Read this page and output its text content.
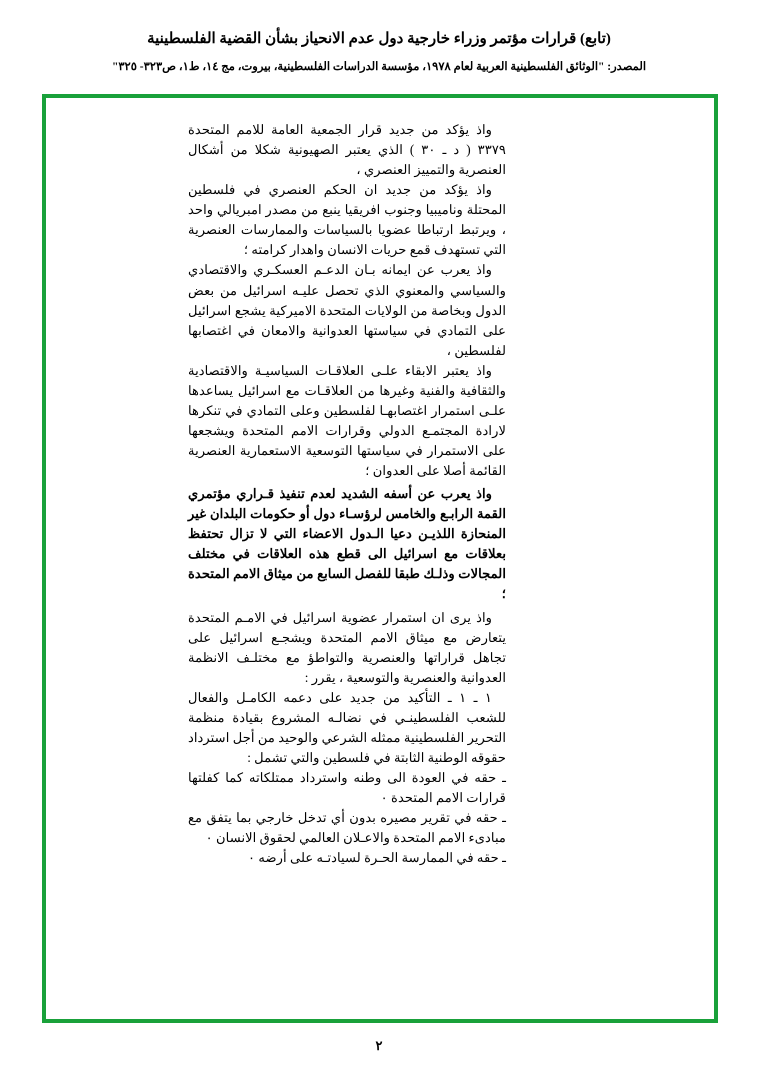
(تابع) قرارات مؤتمر وزراء خارجية دول عدم الانحياز بشأن القضية الفلسطينية
المصدر: "الوثائق الفلسطينية العربية لعام ١٩٧٨، مؤسسة الدراسات الفلسطينية، بيروت، مج ١٤، ط١، ص٣٢٣- ٣٢٥"

واذ يؤكد من جديد قرار الجمعية العامة للامم المتحدة ٣٣٧٩ ( د ـ ٣٠ ) الذي يعتبر الصهيونية شكلا من أشكال العنصرية والتمييز العنصري ،

واذ يؤكد من جديد ان الحكم العنصري في فلسطين المحتلة وناميبيا وجنوب افريقيا ينبع من مصدر امبريالي واحد ، ويرتبط ارتباطا عضويا بالسياسات والممارسات العنصرية التي تستهدف قمع حريات الانسان واهدار كرامته ؛

واذ يعرب عن ايمانه بـان الدعـم العسكـري والاقتصادي والسياسي والمعنوي الذي تحصل عليـه اسرائيل من بعض الدول وبخاصة من الولايات المتحدة الاميركية يشجع اسرائيل على التمادي في سياستها العدوانية والامعان في اغتصابها لفلسطين ،

واذ يعتبر الابقاء علـى العلاقـات السياسيـة والاقتصادية والثقافية والفنية وغيرها من العلاقـات مع اسرائيل يساعدها علـى استمرار اغتصابهـا لفلسطين وعلى التمادي في تنكرها لارادة المجتمـع الدولي وقرارات الامم المتحدة ويشجعها على الاستمرار في سياستها التوسعية الاستعمارية العنصرية القائمة أصلا على العدوان ؛

واذ يعرب عن أسفه الشديد لعدم تنفيذ قـراري مؤتمري القمة الرابـع والخامس لرؤسـاء دول أو حكومات البلدان غير المنحازة اللذيـن دعيا الـدول الاعضاء التي لا تزال تحتفظ بعلاقات مع اسرائيل الى قطع هذه العلاقات في مختلف المجالات وذلـك طبقا للفصل السابع من ميثاق الامم المتحدة ؛

واذ يرى ان استمرار عضوية اسرائيل في الامـم المتحدة يتعارض مع ميثاق الامم المتحدة ويشجـع اسرائيل على تجاهل قراراتها والعنصرية والتواطؤ مع مختلـف الانظمة العدوانية والعنصرية والتوسعية ، يقرر :

١ ـ ١ ـ التأكيد من جديد على دعمه الكامـل والفعال للشعب الفلسطينـي في نضالـه المشروع بقيادة منظمة التحرير الفلسطينية ممثله الشرعي والوحيد من أجل استرداد حقوقه الوطنية الثابتة في فلسطين والتي تشمل :

ـ حقه في العودة الى وطنه واسترداد ممتلكاته كما كفلتها قرارات الامم المتحدة ٠

ـ حقه في تقرير مصيره بدون أي تدخل خارجي بما يتفق مع مبادىء الامم المتحدة والاعـلان العالمي لحقوق الانسان ٠

ـ حقه في الممارسة الحـرة لسيادتـه على أرضه ٠

٢
